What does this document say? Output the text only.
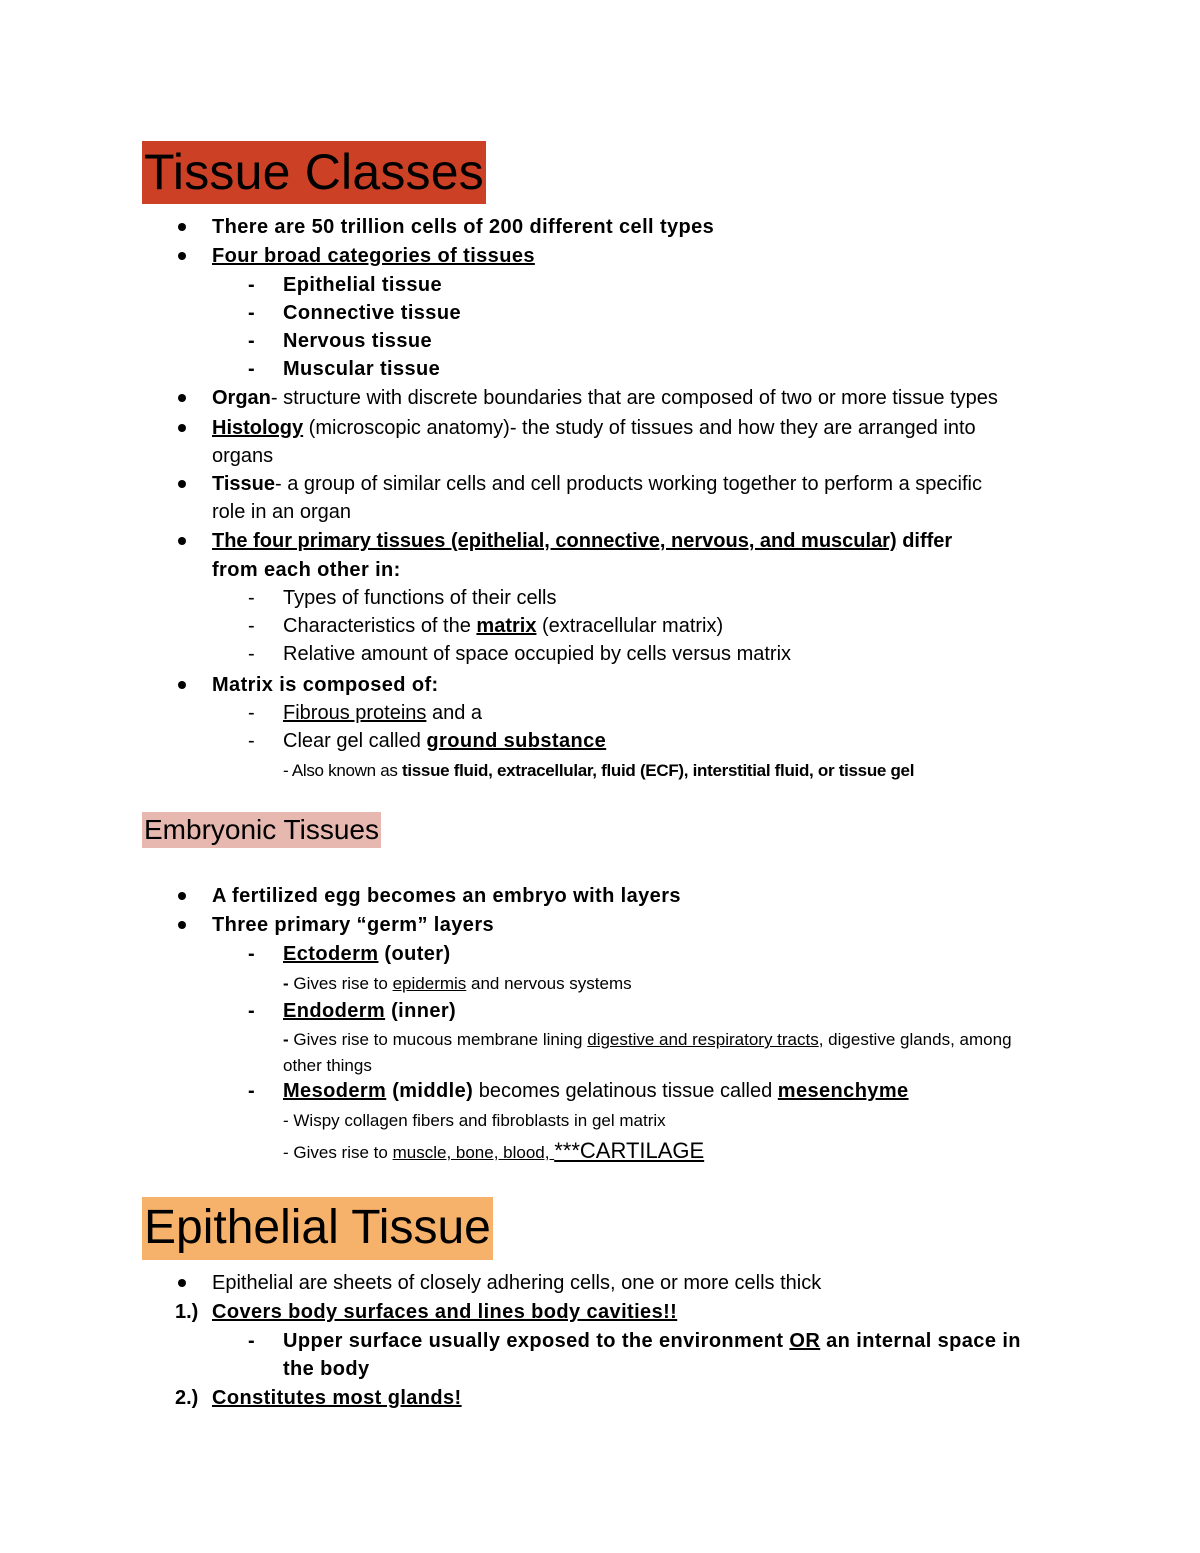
Tissue Classes
There are 50 trillion cells of 200 different cell types
Four broad categories of tissues
- Epithelial tissue
- Connective tissue
- Nervous tissue
- Muscular tissue
Organ- structure with discrete boundaries that are composed of two or more tissue types
Histology (microscopic anatomy)- the study of tissues and how they are arranged into
organs
Tissue- a group of similar cells and cell products working together to perform a specific
role in an organ
The four primary tissues (epithelial, connective, nervous, and muscular) differ
from each other in:
- Types of functions of their cells
- Characteristics of the matrix (extracellular matrix)
- Relative amount of space occupied by cells versus matrix
Matrix is composed of:
- Fibrous proteins and a
- Clear gel called ground substance
- Also known as tissue fluid, extracellular, fluid (ECF), interstitial fluid, or tissue gel
Embryonic Tissues
A fertilized egg becomes an embryo with layers
Three primary “germ” layers
- Ectoderm (outer)
- Gives rise to epidermis and nervous systems
- Endoderm (inner)
- Gives rise to mucous membrane lining digestive and respiratory tracts, digestive glands, among
other things
- Mesoderm (middle) becomes gelatinous tissue called mesenchyme
- Wispy collagen fibers and fibroblasts in gel matrix
- Gives rise to muscle, bone, blood, ***CARTILAGE
Epithelial Tissue
Epithelial are sheets of closely adhering cells, one or more cells thick
1.) Covers body surfaces and lines body cavities!!
- Upper surface usually exposed to the environment OR an internal space in
the body
2.) Constitutes most glands!
